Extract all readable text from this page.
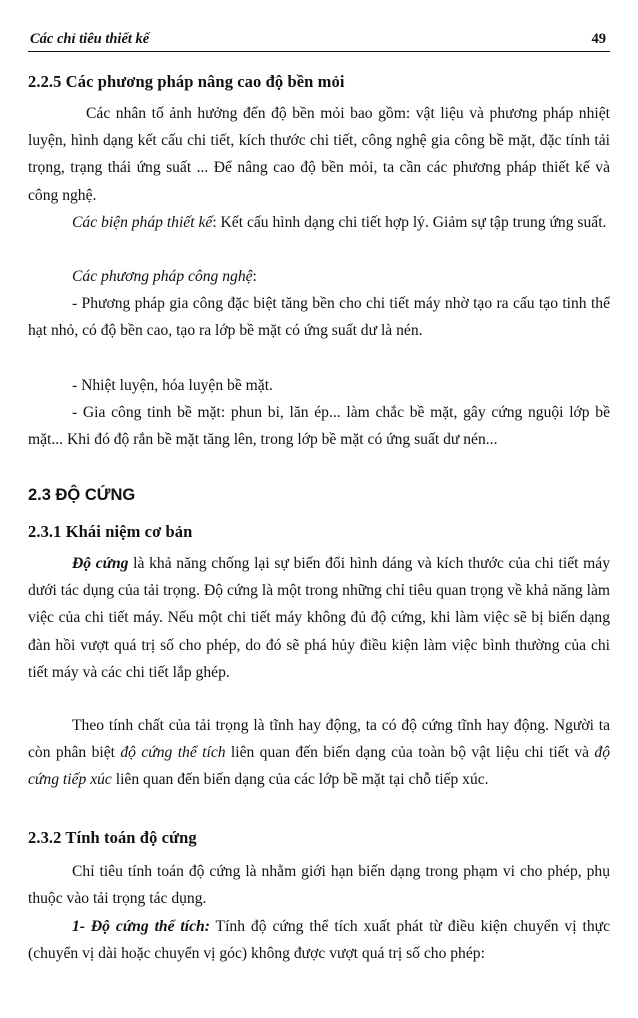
Các chỉ tiêu thiết kế	49
2.2.5 Các phương pháp nâng cao độ bền mỏi

Các nhân tố ảnh hưởng đến độ bền mỏi bao gồm: vật liệu và phương pháp nhiệt luyện, hình dạng kết cấu chi tiết, kích thước chi tiết, công nghệ gia công bề mặt, đặc tính tải trọng, trạng thái ứng suất ... Để nâng cao độ bền mỏi, ta cần các phương pháp thiết kế và công nghệ.

Các biện pháp thiết kế: Kết cấu hình dạng chi tiết hợp lý. Giảm sự tập trung ứng suất.

Các phương pháp công nghệ:

- Phương pháp gia công đặc biệt tăng bền cho chi tiết máy nhờ tạo ra cấu tạo tinh thể hạt nhỏ, có độ bền cao, tạo ra lớp bề mặt có ứng suất dư là nén.

- Nhiệt luyện, hóa luyện bề mặt.

- Gia công tinh bề mặt: phun bi, lăn ép... làm chắc bề mặt, gây cứng nguội lớp bề mặt... Khi đó độ rắn bề mặt tăng lên, trong lớp bề mặt có ứng suất dư nén...

2.3 ĐỘ CỨNG
2.3.1 Khái niệm cơ bản

Độ cứng là khả năng chống lại sự biến đổi hình dáng và kích thước của chi tiết máy dưới tác dụng của tải trọng. Độ cứng là một trong những chỉ tiêu quan trọng về khả năng làm việc của chi tiết máy. Nếu một chi tiết máy không đủ độ cứng, khi làm việc sẽ bị biến dạng đàn hồi vượt quá trị số cho phép, do đó sẽ phá hủy điều kiện làm việc bình thường của chi tiết máy và các chi tiết lắp ghép.

Theo tính chất của tải trọng là tĩnh hay động, ta có độ cứng tĩnh hay động. Người ta còn phân biệt độ cứng thể tích liên quan đến biến dạng của toàn bộ vật liệu chi tiết và độ cứng tiếp xúc liên quan đến biến dạng của các lớp bề mặt tại chỗ tiếp xúc.

2.3.2 Tính toán độ cứng

Chỉ tiêu tính toán độ cứng là nhằm giới hạn biến dạng trong phạm vi cho phép, phụ thuộc vào tải trọng tác dụng.

1- Độ cứng thể tích: Tính độ cứng thể tích xuất phát từ điều kiện chuyển vị thực (chuyển vị dài hoặc chuyển vị góc) không được vượt quá trị số cho phép:
